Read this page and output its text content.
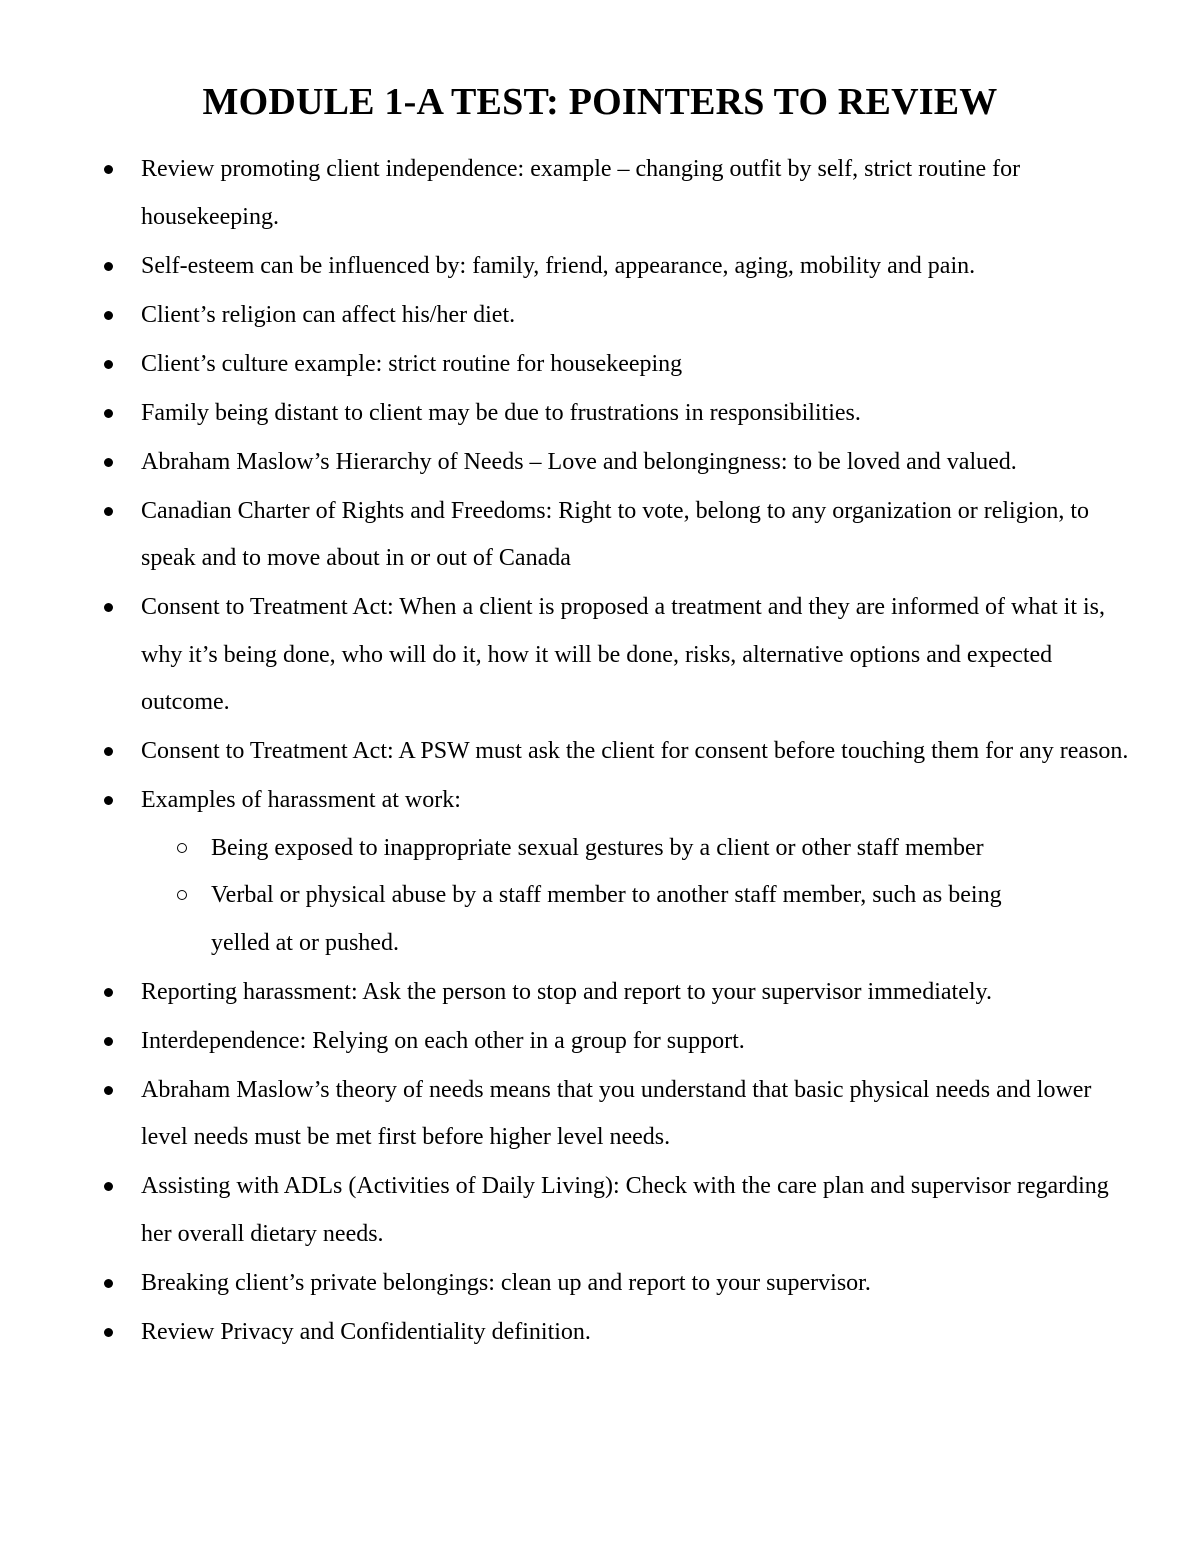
MODULE 1-A TEST: POINTERS TO REVIEW
Review promoting client independence: example – changing outfit by self, strict routine for housekeeping.
Self-esteem can be influenced by: family, friend, appearance, aging, mobility and pain.
Client’s religion can affect his/her diet.
Client’s culture example: strict routine for housekeeping
Family being distant to client may be due to frustrations in responsibilities.
Abraham Maslow’s Hierarchy of Needs – Love and belongingness: to be loved and valued.
Canadian Charter of Rights and Freedoms: Right to vote, belong to any organization or religion, to speak and to move about in or out of Canada
Consent to Treatment Act: When a client is proposed a treatment and they are informed of what it is, why it’s being done, who will do it, how it will be done, risks, alternative options and expected outcome.
Consent to Treatment Act: A PSW must ask the client for consent before touching them for any reason.
Examples of harassment at work:
Being exposed to inappropriate sexual gestures by a client or other staff member
Verbal or physical abuse by a staff member to another staff member, such as being yelled at or pushed.
Reporting harassment: Ask the person to stop and report to your supervisor immediately.
Interdependence: Relying on each other in a group for support.
Abraham Maslow’s theory of needs means that you understand that basic physical needs and lower level needs must be met first before higher level needs.
Assisting with ADLs (Activities of Daily Living): Check with the care plan and supervisor regarding her overall dietary needs.
Breaking client’s private belongings: clean up and report to your supervisor.
Review Privacy and Confidentiality definition.
